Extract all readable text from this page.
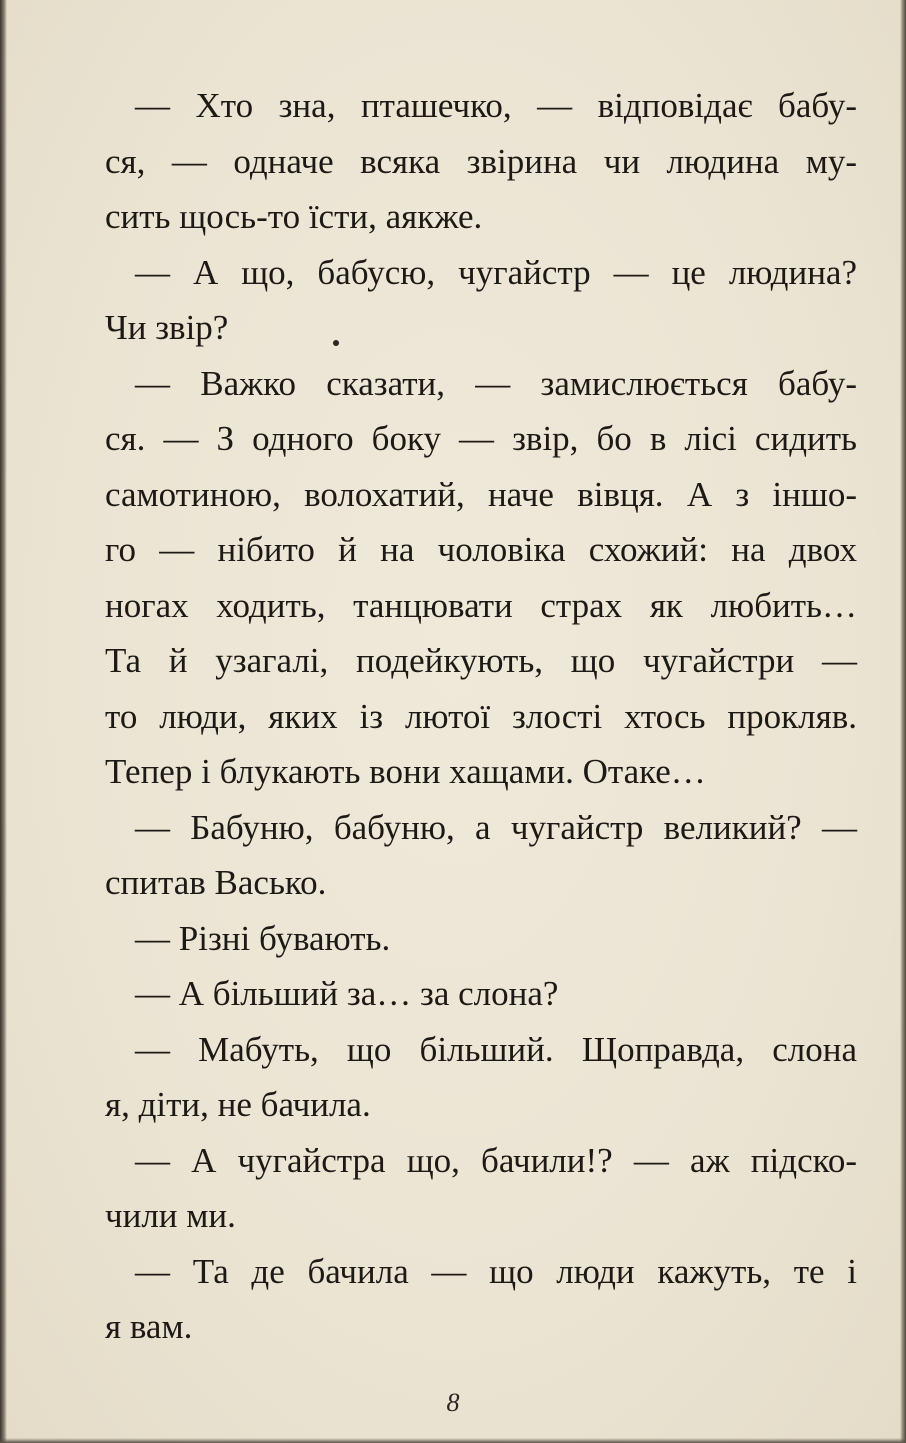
— Хто зна, пташечко, — відповідає бабу-
ся, — одначе всяка звірина чи людина му-
сить щось-то їсти, аякже.
— А що, бабусю, чугайстр — це людина?
Чи звір?
— Важко сказати, — замислюється бабу-
ся. — З одного боку — звір, бо в лісі сидить
самотиною, волохатий, наче вівця. А з іншо-
го — нібито й на чоловіка схожий: на двох
ногах ходить, танцювати страх як любить…
Та й узагалі, подейкують, що чугайстри —
то люди, яких із лютої злості хтось прокляв.
Тепер і блукають вони хащами. Отаке…
— Бабуню, бабуню, а чугайстр великий? —
спитав Васько.
— Різні бувають.
— А більший за… за слона?
— Мабуть, що більший. Щоправда, слона
я, діти, не бачила.
— А чугайстра що, бачили!? — аж підско-
чили ми.
— Та де бачила — що люди кажуть, те і
я вам.
8
